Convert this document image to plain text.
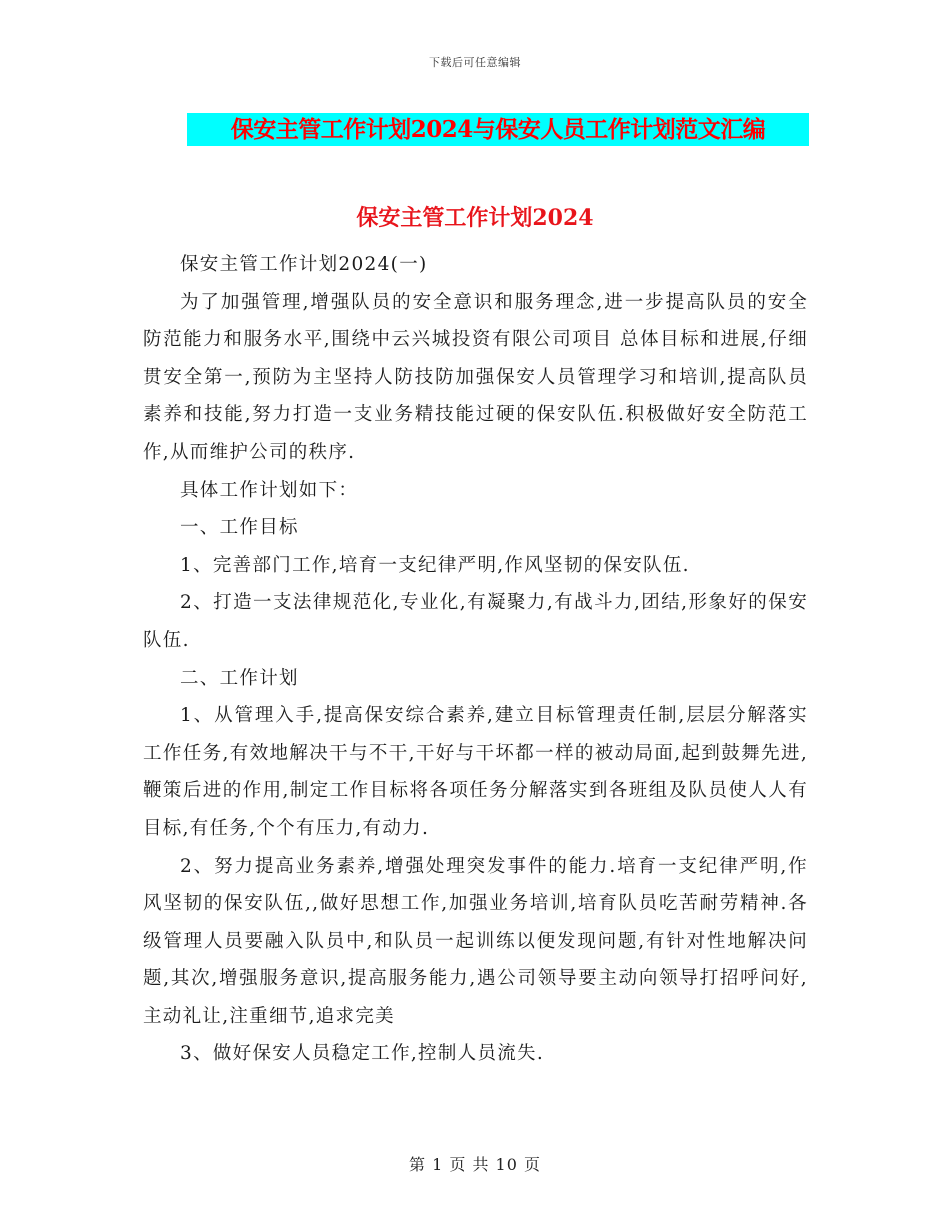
下载后可任意编辑
保安主管工作计划2024与保安人员工作计划范文汇编
保安主管工作计划2024

保安主管工作计划2024(一)

为了加强管理,增强队员的安全意识和服务理念,进一步提高队员的安全防范能力和服务水平,围绕中云兴城投资有限公司项目 总体目标和进展,仔细贯安全第一,预防为主坚持人防技防加强保安人员管理学习和培训,提高队员素养和技能,努力打造一支业务精技能过硬的保安队伍.积极做好安全防范工作,从而维护公司的秩序.

具体工作计划如下：

一、工作目标

1、完善部门工作,培育一支纪律严明,作风坚韧的保安队伍.

2、打造一支法律规范化,专业化,有凝聚力,有战斗力,团结,形象好的保安队伍.

二、工作计划

1、从管理入手,提高保安综合素养,建立目标管理责任制,层层分解落实工作任务,有效地解决干与不干,干好与干坏都一样的被动局面,起到鼓舞先进,鞭策后进的作用,制定工作目标将各项任务分解落实到各班组及队员使人人有目标,有任务,个个有压力,有动力.

2、努力提高业务素养,增强处理突发事件的能力.培育一支纪律严明,作风坚韧的保安队伍,,做好思想工作,加强业务培训,培育队员吃苦耐劳精神.各级管理人员要融入队员中,和队员一起训练以便发现问题,有针对性地解决问题,其次,增强服务意识,提高服务能力,遇公司领导要主动向领导打招呼问好,主动礼让,注重细节,追求完美

3、做好保安人员稳定工作,控制人员流失.

第 1 页 共 10 页
